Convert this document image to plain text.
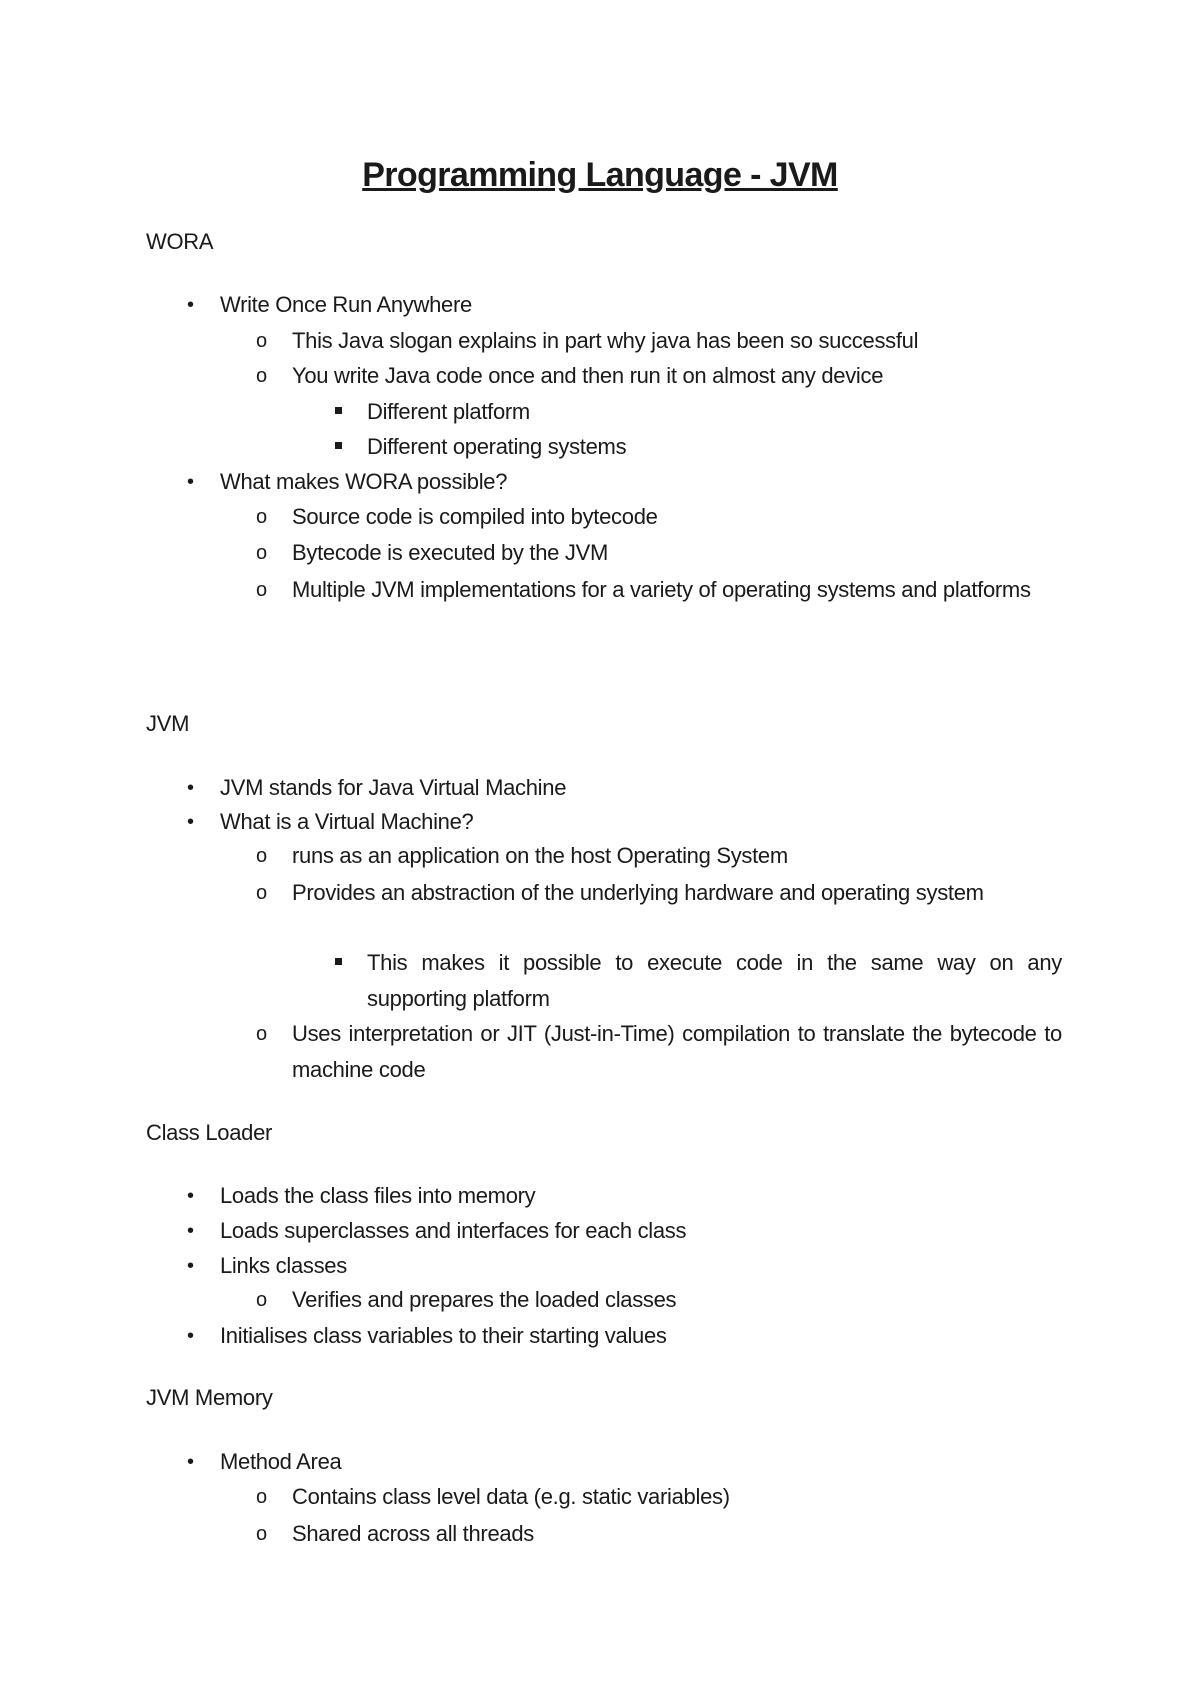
Programming Language - JVM
WORA
• Write Once Run Anywhere
o This Java slogan explains in part why java has been so successful
o You write Java code once and then run it on almost any device
Different platform
Different operating systems
• What makes WORA possible?
o Source code is compiled into bytecode
o Bytecode is executed by the JVM
o Multiple JVM implementations for a variety of operating systems and platforms
JVM
• JVM stands for Java Virtual Machine
• What is a Virtual Machine?
o runs as an application on the host Operating System
o Provides an abstraction of the underlying hardware and operating system
This makes it possible to execute code in the same way on any supporting platform
o Uses interpretation or JIT (Just-in-Time) compilation to translate the bytecode to machine code
Class Loader
• Loads the class files into memory
• Loads superclasses and interfaces for each class
• Links classes
o Verifies and prepares the loaded classes
• Initialises class variables to their starting values
JVM Memory
• Method Area
o Contains class level data (e.g. static variables)
o Shared across all threads
